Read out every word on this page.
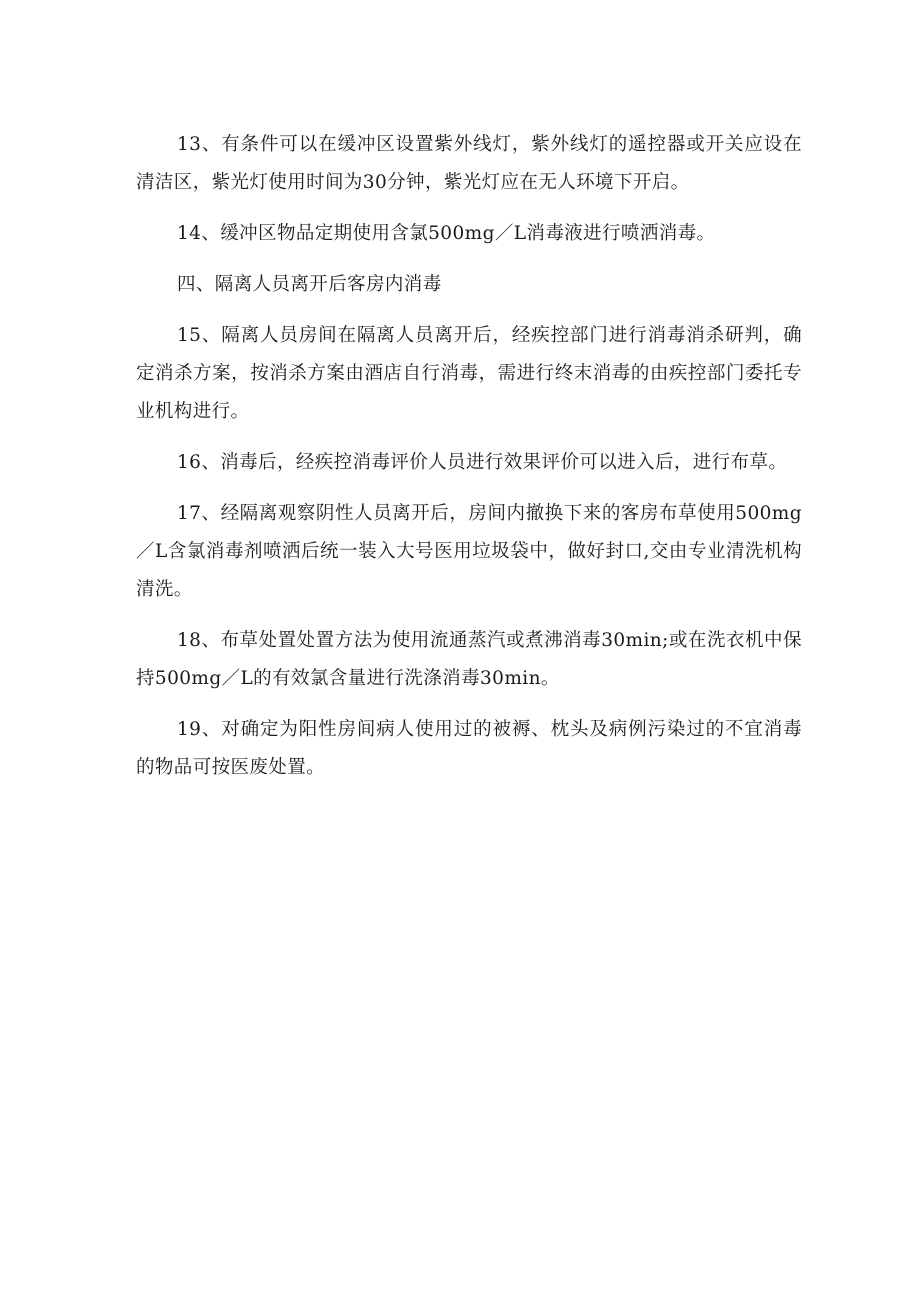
13、有条件可以在缓冲区设置紫外线灯，紫外线灯的遥控器或开关应设在清洁区，紫光灯使用时间为30分钟，紫光灯应在无人环境下开启。

14、缓冲区物品定期使用含氯500mg／L消毒液进行喷洒消毒。

四、隔离人员离开后客房内消毒

15、隔离人员房间在隔离人员离开后，经疾控部门进行消毒消杀研判，确定消杀方案，按消杀方案由酒店自行消毒，需进行终末消毒的由疾控部门委托专业机构进行。

16、消毒后，经疾控消毒评价人员进行效果评价可以进入后，进行布草。

17、经隔离观察阴性人员离开后，房间内撤换下来的客房布草使用500mg／L含氯消毒剂喷洒后统一装入大号医用垃圾袋中，做好封口,交由专业清洗机构清洗。

18、布草处置处置方法为使用流通蒸汽或煮沸消毒30min;或在洗衣机中保持500mg／L的有效氯含量进行洗涤消毒30min。

19、对确定为阳性房间病人使用过的被褥、枕头及病例污染过的不宜消毒的物品可按医废处置。
